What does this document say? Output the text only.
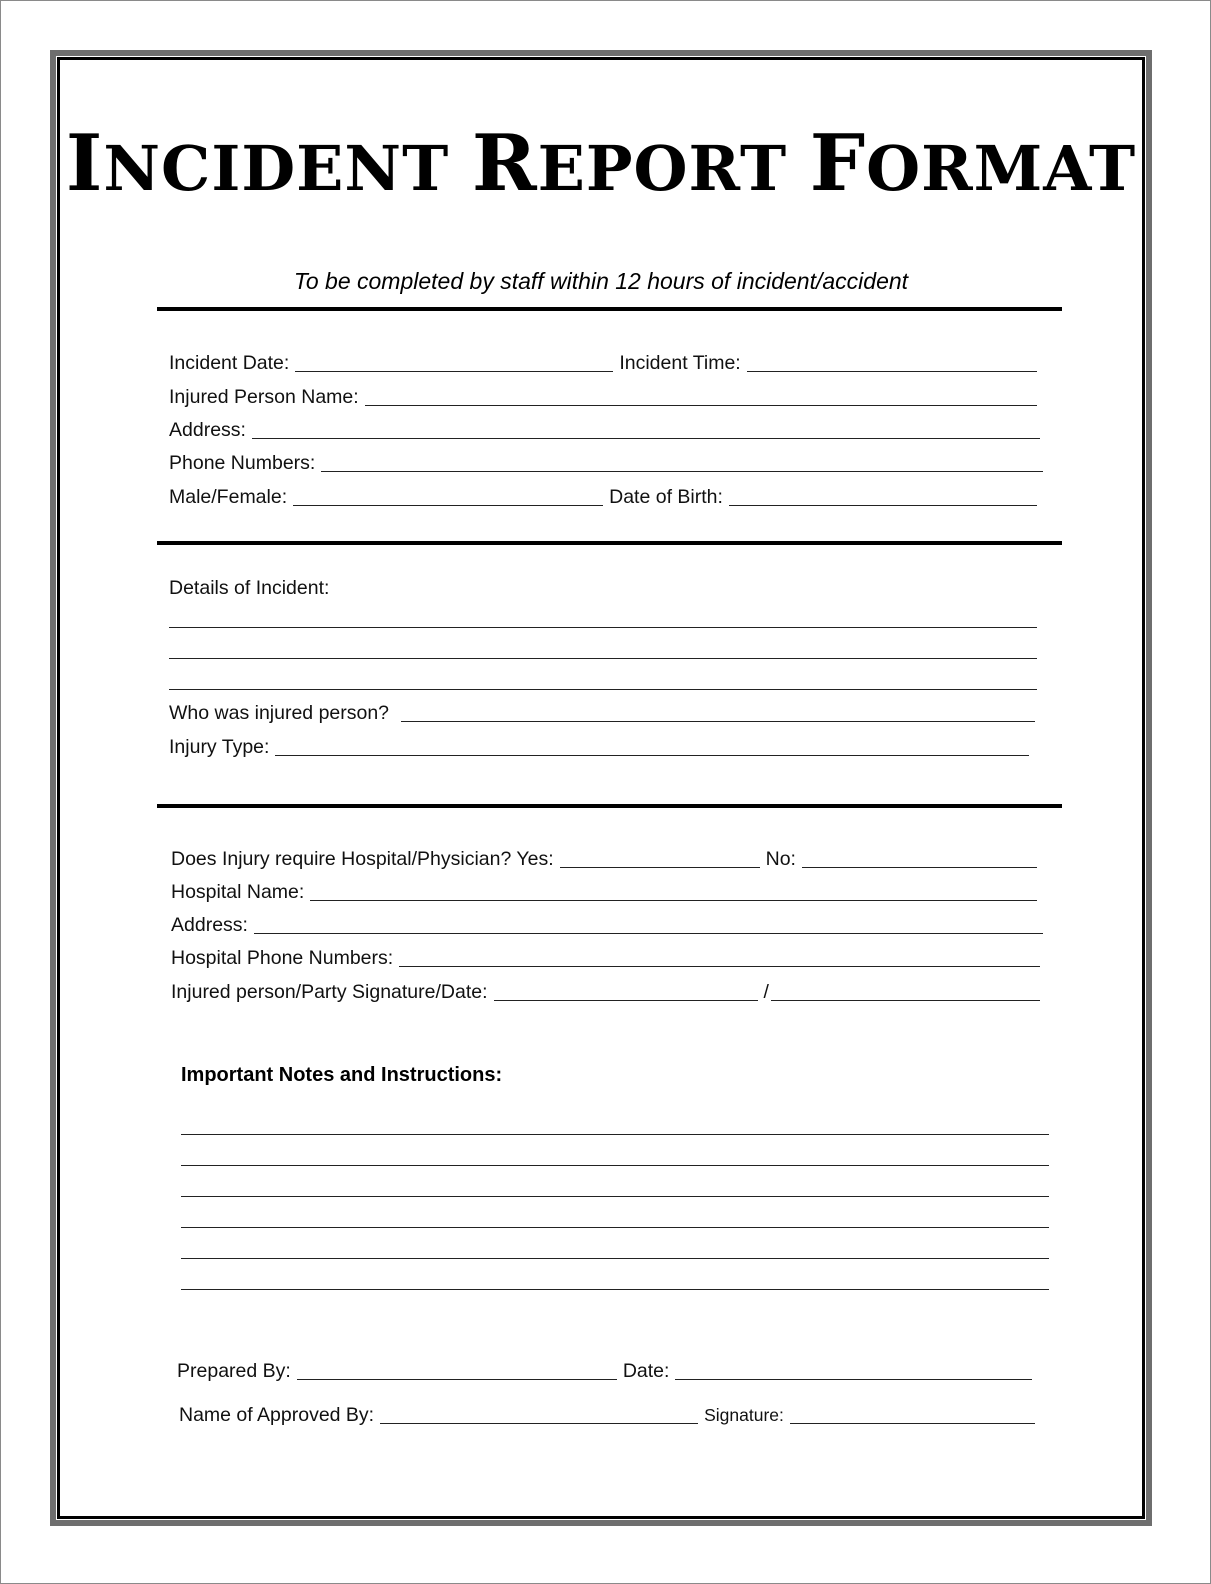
INCIDENT REPORT FORMAT
To be completed by staff within 12 hours of incident/accident
Incident Date:	Incident Time:
Injured Person Name:
Address:
Phone Numbers:
Male/Female:	Date of Birth:
Details of Incident:
Who was injured person?
Injury Type:
Does Injury require Hospital/Physician? Yes:	No:
Hospital Name:
Address:
Hospital Phone Numbers:
Injured person/Party Signature/Date:	/
Important Notes and Instructions:
Prepared By:	Date:
Name of Approved By:	Signature:
